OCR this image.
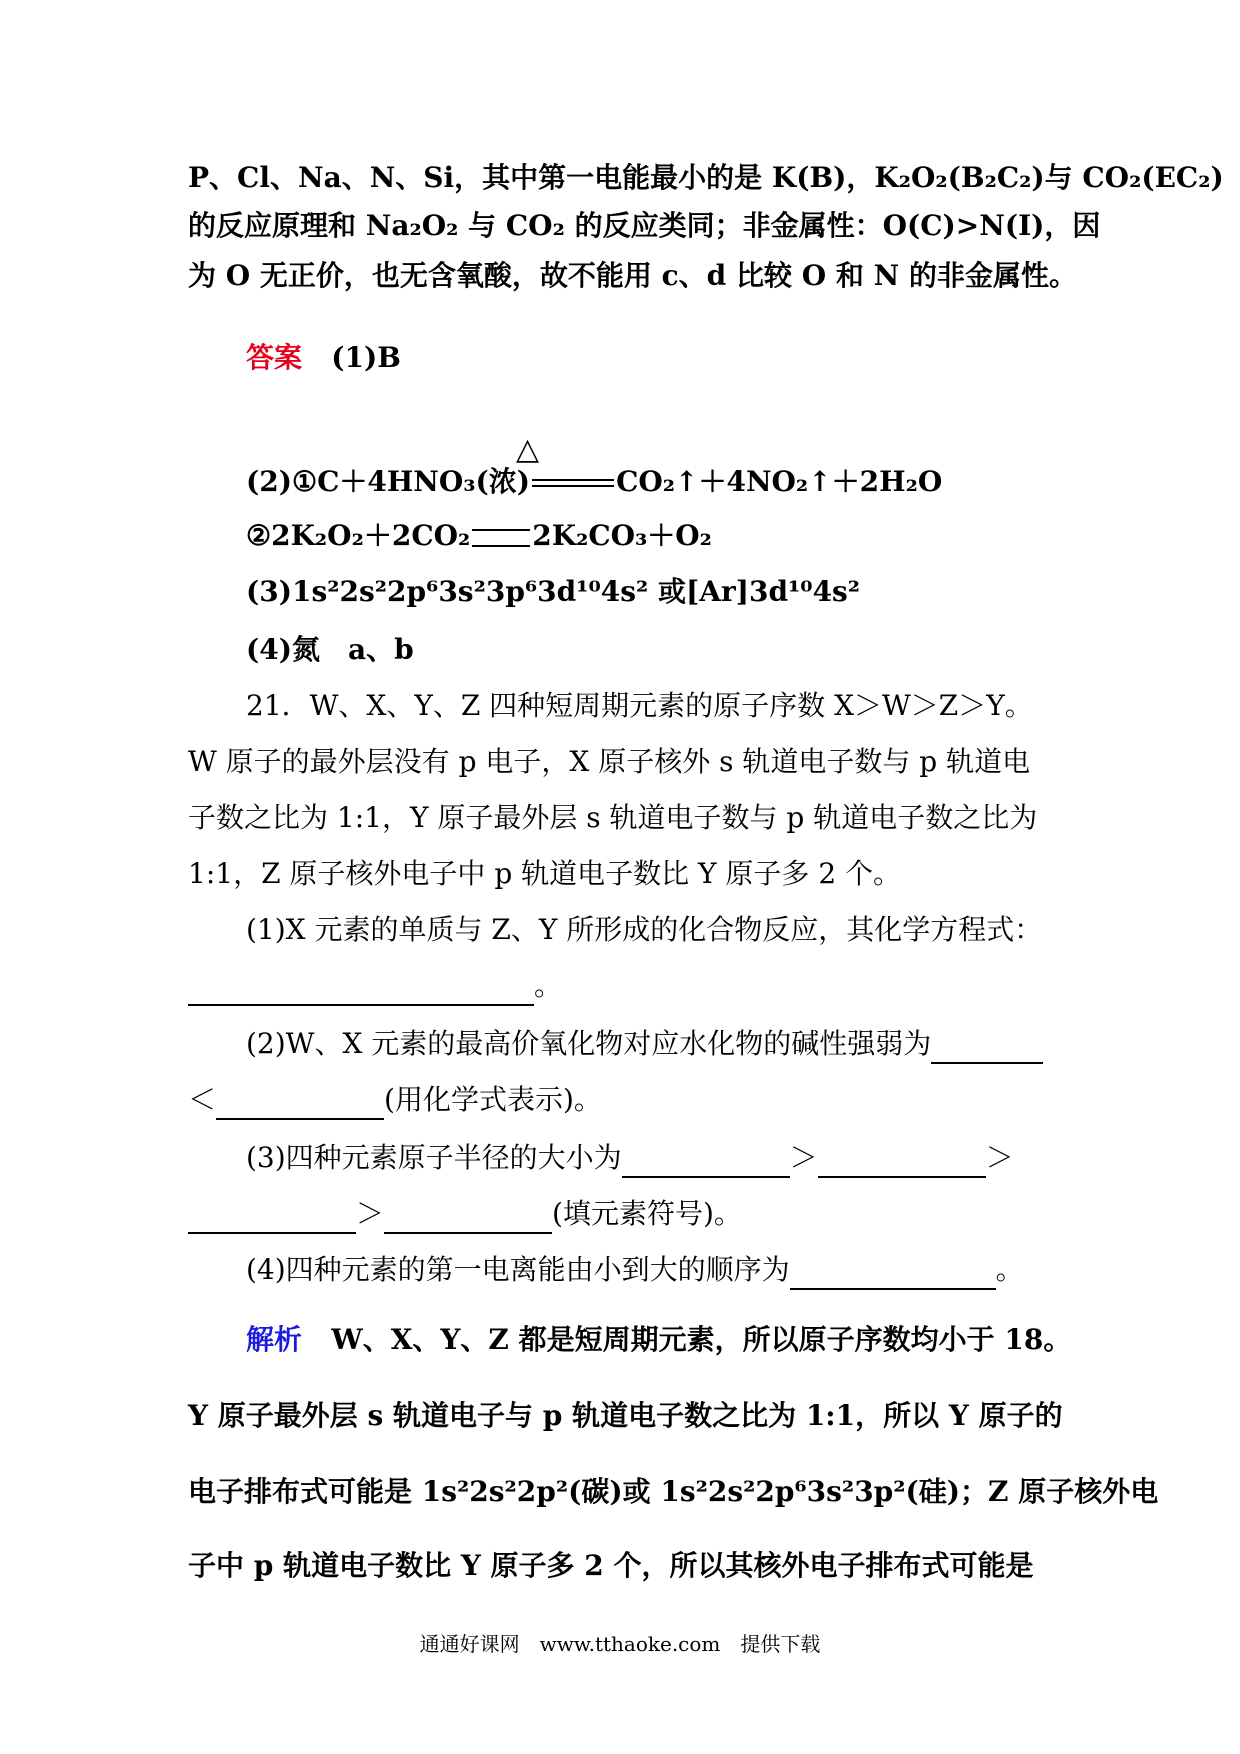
P、Cl、Na、N、Si，其中第一电能最小的是 K(B)，K₂O₂(B₂C₂)与 CO₂(EC₂)
的反应原理和 Na₂O₂ 与 CO₂ 的反应类同；非金属性：O(C)>N(I)，因
为 O 无正价，也无含氧酸，故不能用 c、d 比较 O 和 N 的非金属性。
答案 (1)B
△
(2)①C＋4HNO₃(浓)	CO₂↑＋4NO₂↑＋2H₂O
②2K₂O₂＋2CO₂ 2K₂CO₃＋O₂
(3)1s²2s²2p⁶3s²3p⁶3d¹⁰4s² 或[Ar]3d¹⁰4s²
(4)氮　a、b
21．W、X、Y、Z 四种短周期元素的原子序数 X＞W＞Z＞Y。
W 原子的最外层没有 p 电子，X 原子核外 s 轨道电子数与 p 轨道电
子数之比为 1:1，Y 原子最外层 s 轨道电子数与 p 轨道电子数之比为
1:1，Z 原子核外电子中 p 轨道电子数比 Y 原子多 2 个。
(1)X 元素的单质与 Z、Y 所形成的化合物反应，其化学方程式：
。
(2)W、X 元素的最高价氧化物对应水化物的碱性强弱为
＜	(用化学式表示)。
(3)四种元素原子半径的大小为	＞	＞
＞	(填元素符号)。
(4)四种元素的第一电离能由小到大的顺序为	。
解析 W、X、Y、Z 都是短周期元素，所以原子序数均小于 18。
Y 原子最外层 s 轨道电子与 p 轨道电子数之比为 1:1，所以 Y 原子的
电子排布式可能是 1s²2s²2p²(碳)或 1s²2s²2p⁶3s²3p²(硅)；Z 原子核外电
子中 p 轨道电子数比 Y 原子多 2 个，所以其核外电子排布式可能是
通通好课网　www.tthaoke.com　提供下载
